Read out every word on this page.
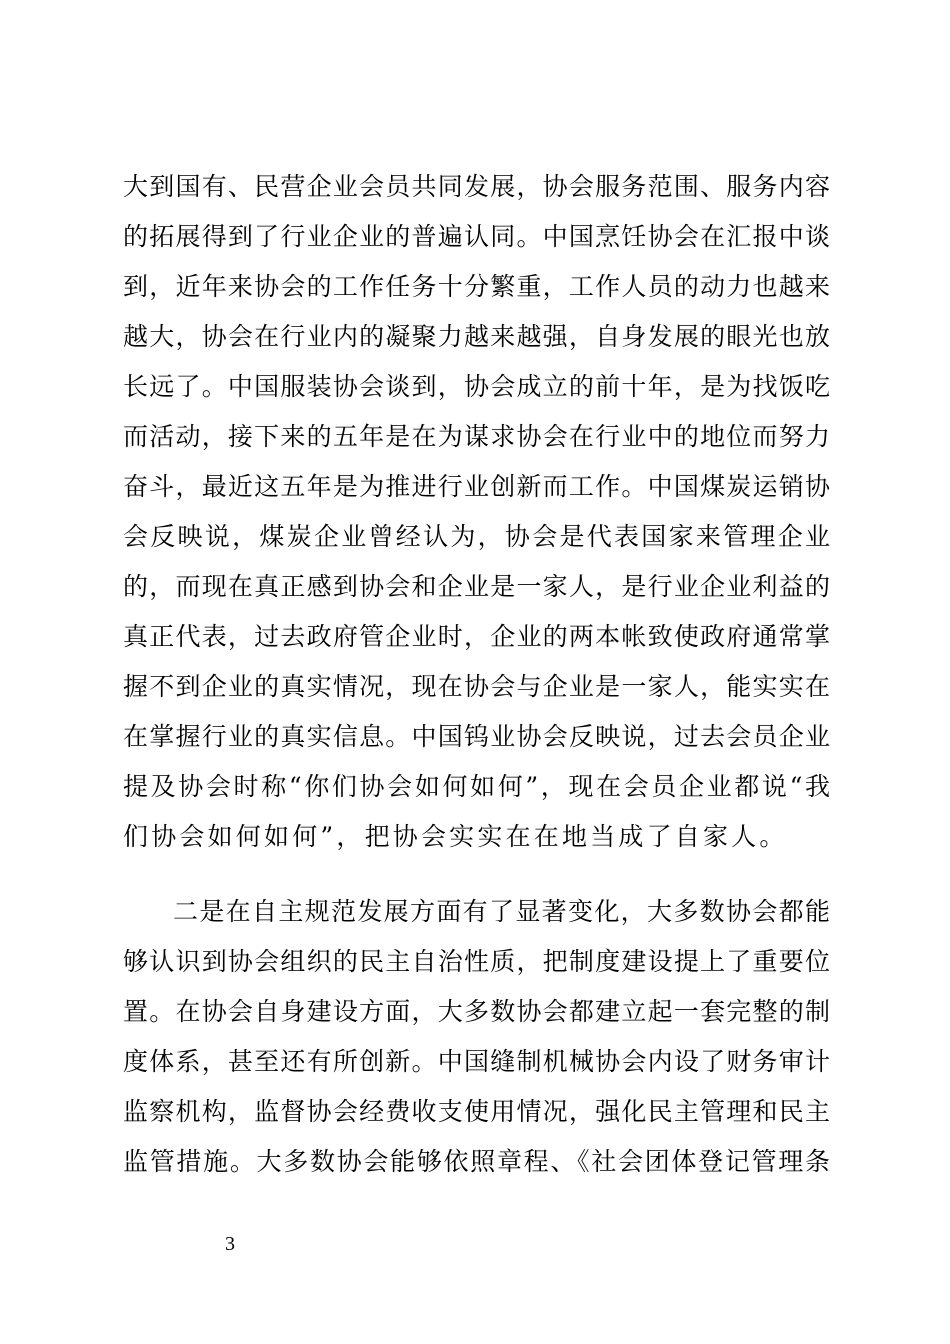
大到国有、民营企业会员共同发展，协会服务范围、服务内容
的拓展得到了行业企业的普遍认同。中国烹饪协会在汇报中谈
到，近年来协会的工作任务十分繁重，工作人员的动力也越来
越大，协会在行业内的凝聚力越来越强，自身发展的眼光也放
长远了。中国服装协会谈到，协会成立的前十年，是为找饭吃
而活动，接下来的五年是在为谋求协会在行业中的地位而努力
奋斗，最近这五年是为推进行业创新而工作。中国煤炭运销协
会反映说，煤炭企业曾经认为，协会是代表国家来管理企业
的，而现在真正感到协会和企业是一家人，是行业企业利益的
真正代表，过去政府管企业时，企业的两本帐致使政府通常掌
握不到企业的真实情况，现在协会与企业是一家人，能实实在
在掌握行业的真实信息。中国钨业协会反映说，过去会员企业
提及协会时称“你们协会如何如何”，现在会员企业都说“我
们协会如何如何”，把协会实实在在地当成了自家人。
二是在自主规范发展方面有了显著变化，大多数协会都能
够认识到协会组织的民主自治性质，把制度建设提上了重要位
置。在协会自身建设方面，大多数协会都建立起一套完整的制
度体系，甚至还有所创新。中国缝制机械协会内设了财务审计
监察机构，监督协会经费收支使用情况，强化民主管理和民主
监管措施。大多数协会能够依照章程、《社会团体登记管理条
3
